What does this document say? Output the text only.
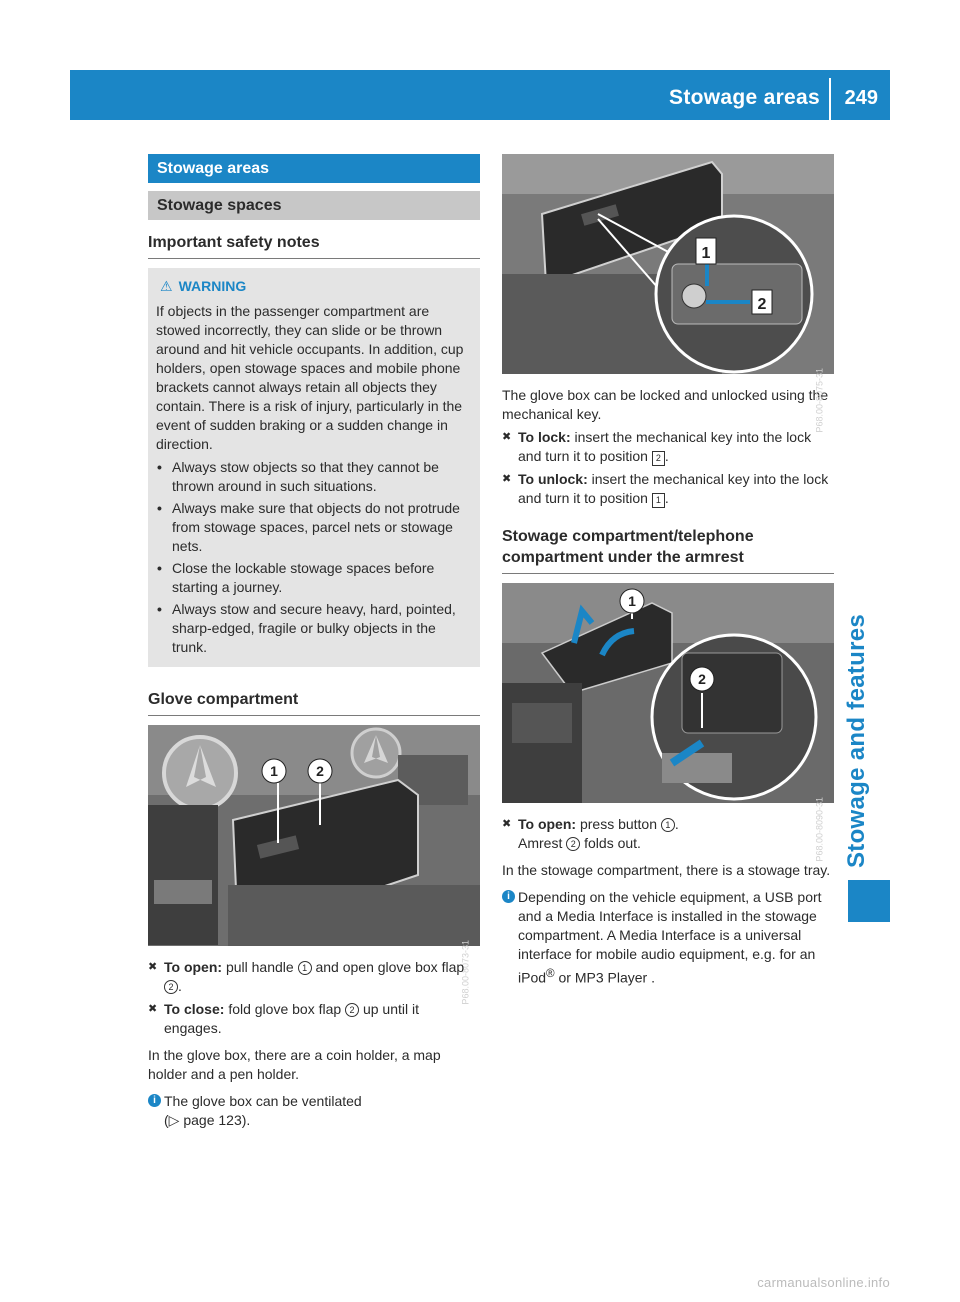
Stowage areas 249
Stowage and features
Stowage areas
Stowage spaces
Important safety notes
⚠ WARNING

If objects in the passenger compartment are stowed incorrectly, they can slide or be thrown around and hit vehicle occupants. In addition, cup holders, open stowage spaces and mobile phone brackets cannot always retain all objects they contain. There is a risk of injury, particularly in the event of sudden braking or a sudden change in direction.

• Always stow objects so that they cannot be thrown around in such situations.
• Always make sure that objects do not protrude from stowage spaces, parcel nets or stowage nets.
• Close the lockable stowage spaces before starting a journey.
• Always stow and secure heavy, hard, pointed, sharp-edged, fragile or bulky objects in the trunk.
Glove compartment
1	2
P68.00-8073-31
✖ To open: pull handle 1 and open glove box flap 2 .
✖ To close: fold glove box flap 2 up until it engages.

In the glove box, there are a coin holder, a map holder and a pen holder.

i The glove box can be ventilated
(▷ page 123).
1
2
P68.00-8075-31

The glove box can be locked and unlocked using the mechanical key.

✖ To lock: insert the mechanical key into the lock and turn it to position 2 .
✖ To unlock: insert the mechanical key into the lock and turn it to position 1 .
Stowage compartment/telephone compartment under the armrest
1
2
P68.00-8090-31
✖ To open: press button 1 .
Amrest 2 folds out.

In the stowage compartment, there is a stowage tray.

i Depending on the vehicle equipment, a USB port and a Media Interface is installed in the stowage compartment. A Media Interface is a universal interface for mobile audio equipment, e.g. for an iPod® or MP3 Player .
carmanualsonline.info
